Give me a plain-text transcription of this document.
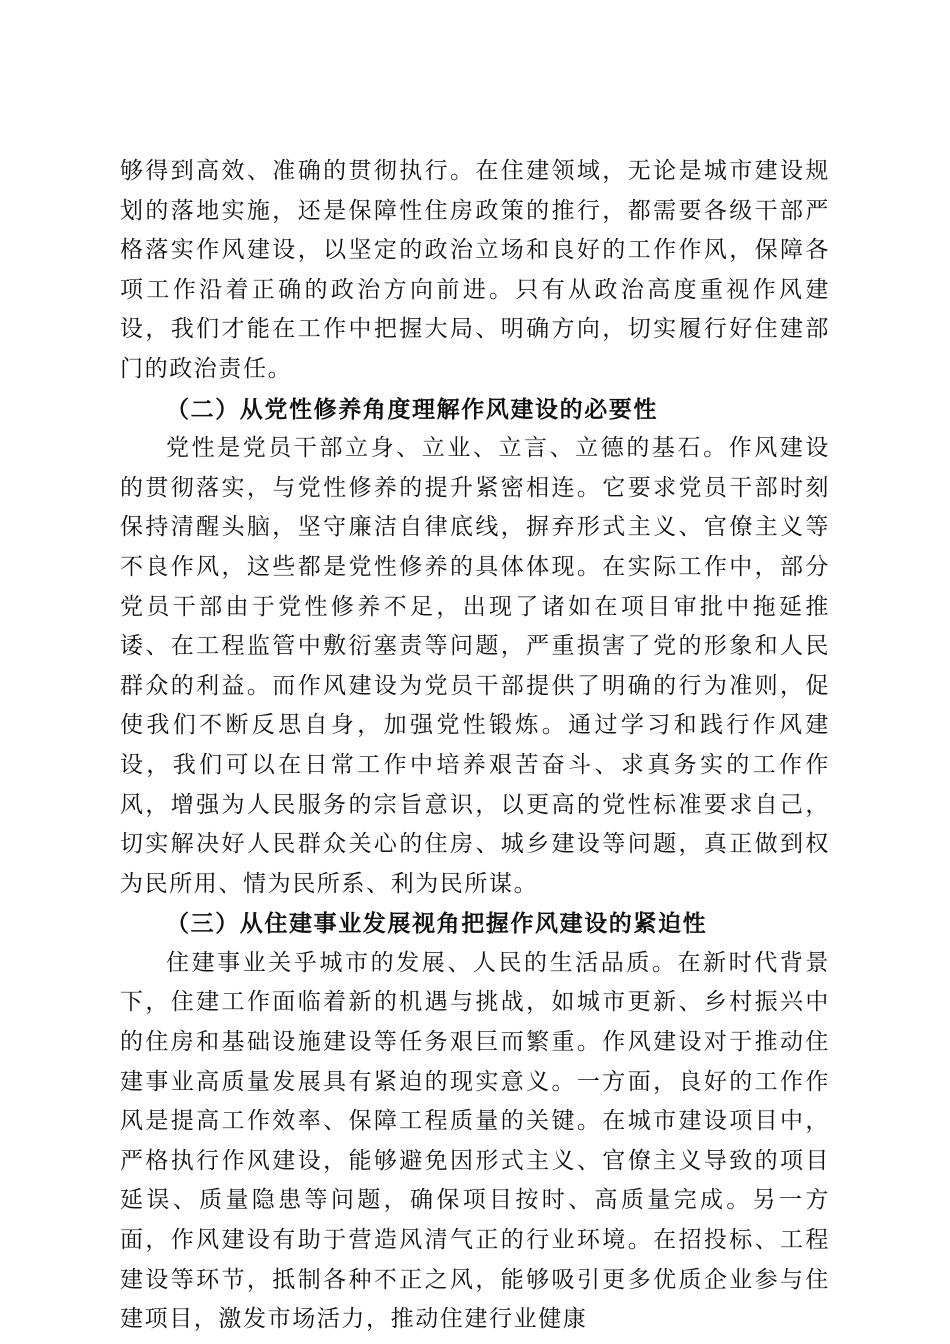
够得到高效、准确的贯彻执行。在住建领域，无论是城市建设规划的落地实施，还是保障性住房政策的推行，都需要各级干部严格落实作风建设，以坚定的政治立场和良好的工作作风，保障各项工作沿着正确的政治方向前进。只有从政治高度重视作风建设，我们才能在工作中把握大局、明确方向，切实履行好住建部门的政治责任。

（二）从党性修养角度理解作风建设的必要性

党性是党员干部立身、立业、立言、立德的基石。作风建设的贯彻落实，与党性修养的提升紧密相连。它要求党员干部时刻保持清醒头脑，坚守廉洁自律底线，摒弃形式主义、官僚主义等不良作风，这些都是党性修养的具体体现。在实际工作中，部分党员干部由于党性修养不足，出现了诸如在项目审批中拖延推诿、在工程监管中敷衍塞责等问题，严重损害了党的形象和人民群众的利益。而作风建设为党员干部提供了明确的行为准则，促使我们不断反思自身，加强党性锻炼。通过学习和践行作风建设，我们可以在日常工作中培养艰苦奋斗、求真务实的工作作风，增强为人民服务的宗旨意识，以更高的党性标准要求自己，切实解决好人民群众关心的住房、城乡建设等问题，真正做到权为民所用、情为民所系、利为民所谋。

（三）从住建事业发展视角把握作风建设的紧迫性

住建事业关乎城市的发展、人民的生活品质。在新时代背景下，住建工作面临着新的机遇与挑战，如城市更新、乡村振兴中的住房和基础设施建设等任务艰巨而繁重。作风建设对于推动住建事业高质量发展具有紧迫的现实意义。一方面，良好的工作作风是提高工作效率、保障工程质量的关键。在城市建设项目中，严格执行作风建设，能够避免因形式主义、官僚主义导致的项目延误、质量隐患等问题，确保项目按时、高质量完成。另一方面，作风建设有助于营造风清气正的行业环境。在招投标、工程建设等环节，抵制各种不正之风，能够吸引更多优质企业参与住建项目，激发市场活力，推动住建行业健康
